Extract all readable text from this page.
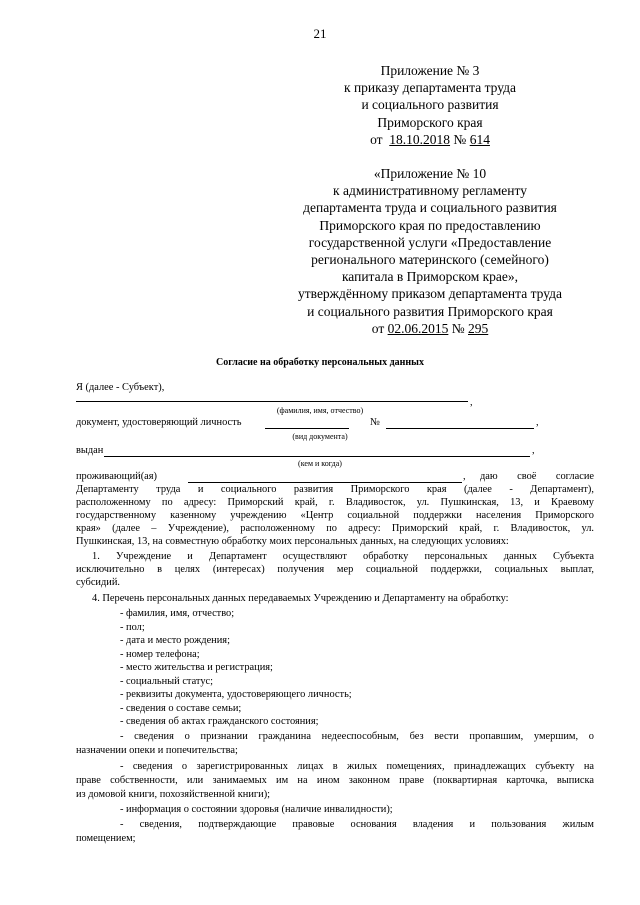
21
Приложение № 3
к приказу департамента труда
и социального развития
Приморского края
от 18.10.2018 № 614
«Приложение № 10
к административному регламенту
департамента труда и социального развития
Приморского края по предоставлению
государственной услуги «Предоставление
регионального материнского (семейного)
капитала в Приморском крае»,
утверждённому приказом департамента труда
и социального развития Приморского края
от 02.06.2015 № 295
Согласие на обработку персональных данных
Я (далее - Субъект),
,
(фамилия, имя, отчество)
документ, удостоверяющий личность	№	,
(вид документа)
выдан	,
(кем и когда)
проживающий(ая)	, даю своё согласие
Департаменту труда и социального развития Приморского края (далее - Департамент),
расположенному по адресу: Приморский край, г. Владивосток, ул. Пушкинская, 13, и Краевому
государственному казенному учреждению «Центр социальной поддержки населения Приморского
края» (далее – Учреждение), расположенному по адресу: Приморский край, г. Владивосток, ул.
Пушкинская, 13, на совместную обработку моих персональных данных, на следующих условиях:
1. Учреждение и Департамент осуществляют обработку персональных данных Субъекта
исключительно в целях (интересах) получения мер социальной поддержки, социальных выплат,
субсидий.
4. Перечень персональных данных передаваемых Учреждению и Департаменту на обработку:
- фамилия, имя, отчество;
- пол;
- дата и место рождения;
- номер телефона;
- место жительства и регистрация;
- социальный статус;
- реквизиты документа, удостоверяющего личность;
- сведения о составе семьи;
- сведения об актах гражданского состояния;
- сведения о признании гражданина недееспособным, без вести пропавшим, умершим, о
назначении опеки и попечительства;
- сведения о зарегистрированных лицах в жилых помещениях, принадлежащих субъекту на
праве собственности, или занимаемых им на ином законном праве (поквартирная карточка, выписка
из домовой книги, похозяйственной книги);
- информация о состоянии здоровья (наличие инвалидности);
- сведения, подтверждающие правовые основания владения и пользования жилым
помещением;
